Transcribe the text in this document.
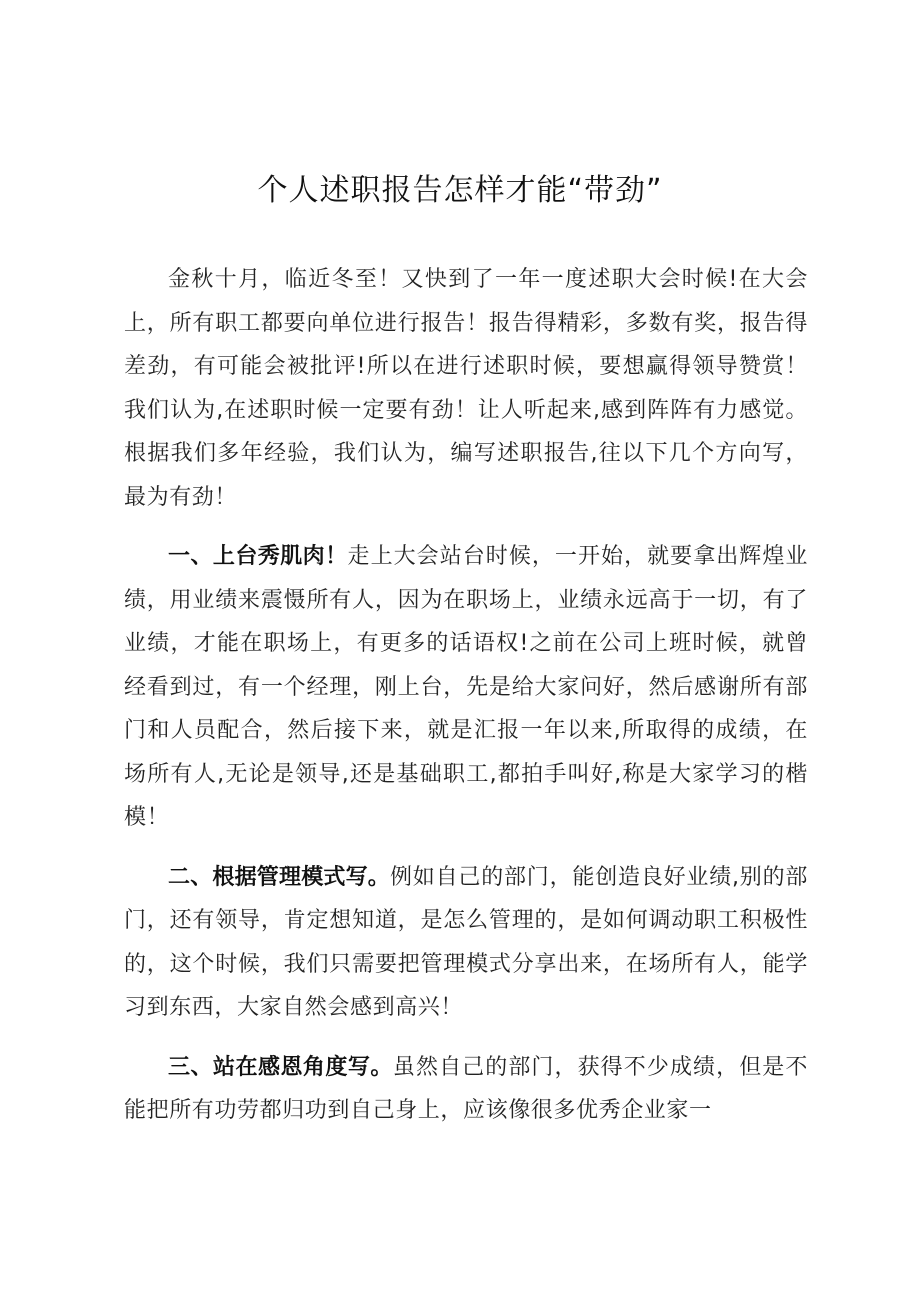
个人述职报告怎样才能“带劲”

金秋十月，临近冬至！又快到了一年一度述职大会时候!在大会上，所有职工都要向单位进行报告！报告得精彩，多数有奖，报告得差劲，有可能会被批评!所以在进行述职时候，要想赢得领导赞赏！我们认为,在述职时候一定要有劲！让人听起来,感到阵阵有力感觉。根据我们多年经验，我们认为，编写述职报告,往以下几个方向写，最为有劲！

一、上台秀肌肉！走上大会站台时候，一开始，就要拿出辉煌业绩，用业绩来震慑所有人，因为在职场上，业绩永远高于一切，有了业绩，才能在职场上，有更多的话语权!之前在公司上班时候，就曾经看到过，有一个经理，刚上台，先是给大家问好，然后感谢所有部门和人员配合，然后接下来，就是汇报一年以来,所取得的成绩，在场所有人,无论是领导,还是基础职工,都拍手叫好,称是大家学习的楷模！

二、根据管理模式写。例如自己的部门，能创造良好业绩,别的部门，还有领导，肯定想知道，是怎么管理的，是如何调动职工积极性的，这个时候，我们只需要把管理模式分享出来，在场所有人，能学习到东西，大家自然会感到高兴！

三、站在感恩角度写。虽然自己的部门，获得不少成绩，但是不能把所有功劳都归功到自己身上，应该像很多优秀企业家一
